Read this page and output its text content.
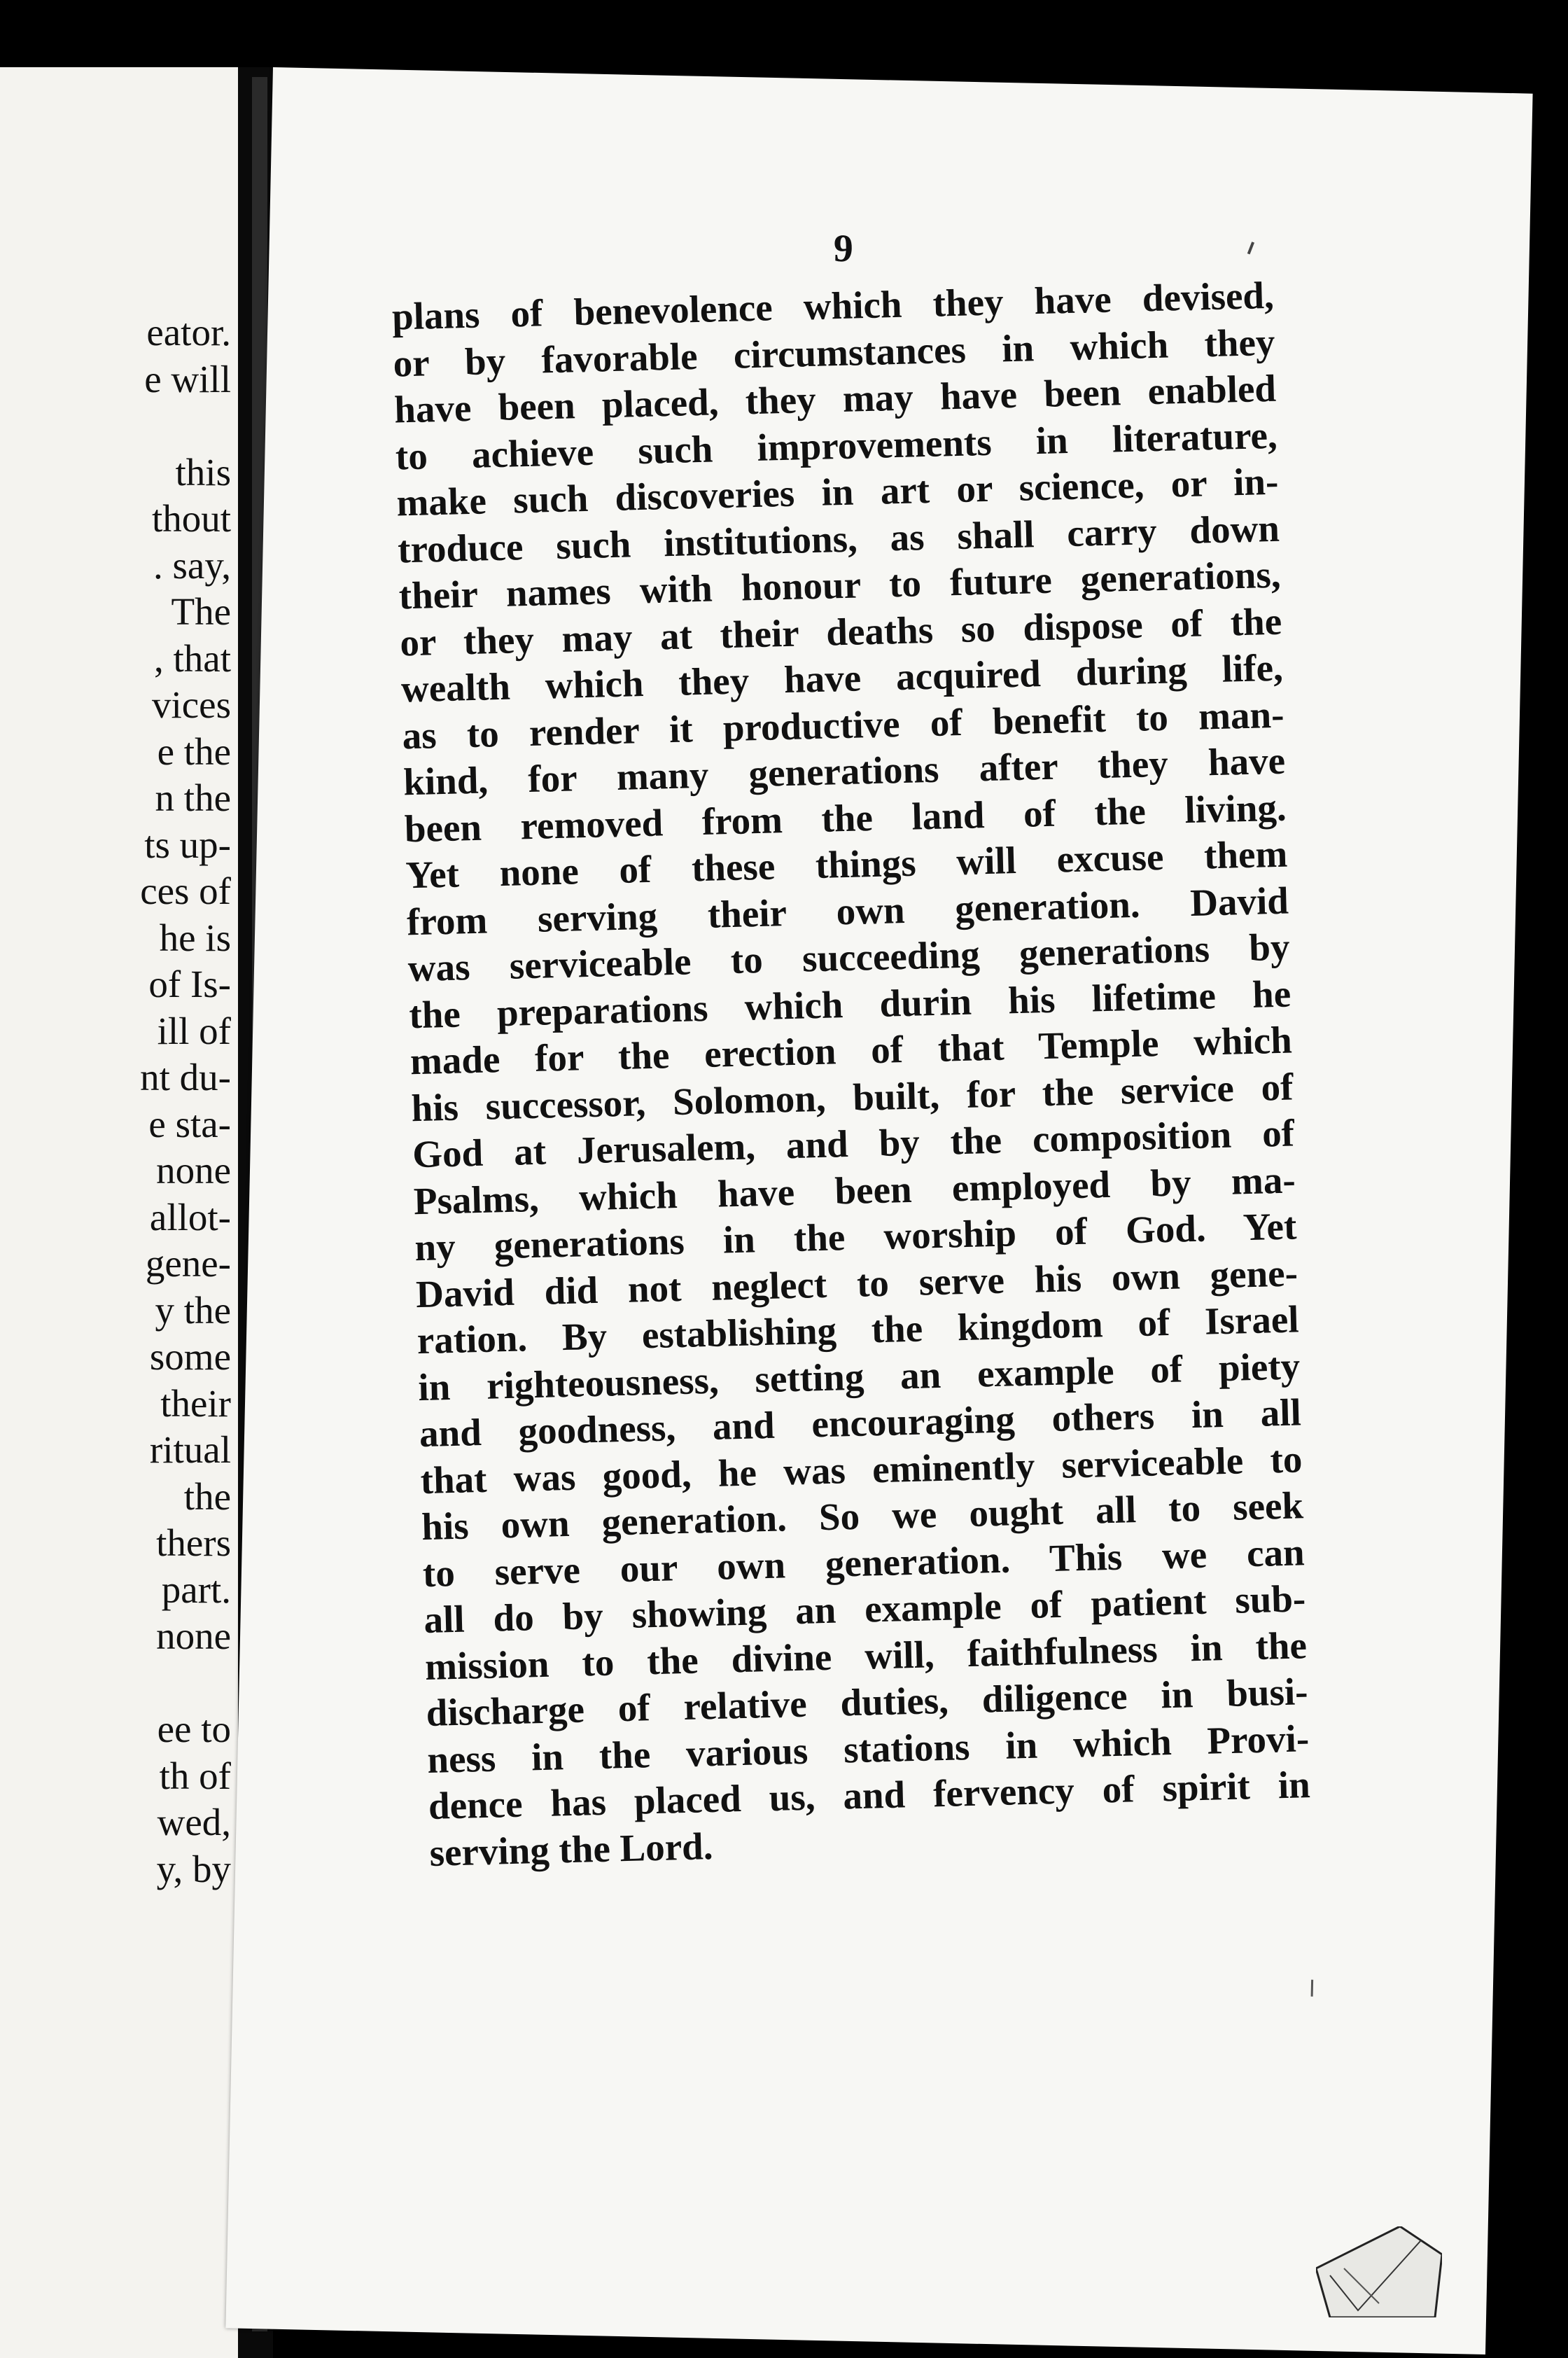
eator.
e will
this
thout
. say,
The
, that
vices
e the
n the
ts up-
ces of
he is
of Is-
ill of
nt du-
e sta-
none
allot-
gene-
y the
some
their
ritual
the
thers
part.
none
ee to
th of
wed,
y, by
9
plans of benevolence which they have devised,
or by favorable circumstances in which they
have been placed, they may have been enabled
to achieve such improvements in literature,
make such discoveries in art or science, or in-
troduce such institutions, as shall carry down
their names with honour to future generations,
or they may at their deaths so dispose of the
wealth which they have acquired during life,
as to render it productive of benefit to man-
kind, for many generations after they have
been removed from the land of the living.
Yet none of these things will excuse them
from serving their own generation. David
was serviceable to succeeding generations by
the preparations which durin his lifetime he
made for the erection of that Temple which
his successor, Solomon, built, for the service of
God at Jerusalem, and by the composition of
Psalms, which have been employed by ma-
ny generations in the worship of God. Yet
David did not neglect to serve his own gene-
ration. By establishing the kingdom of Israel
in righteousness, setting an example of piety
and goodness, and encouraging others in all
that was good, he was eminently serviceable to
his own generation. So we ought all to seek
to serve our own generation. This we can
all do by showing an example of patient sub-
mission to the divine will, faithfulness in the
discharge of relative duties, diligence in busi-
ness in the various stations in which Provi-
dence has placed us, and fervency of spirit in
serving the Lord.
